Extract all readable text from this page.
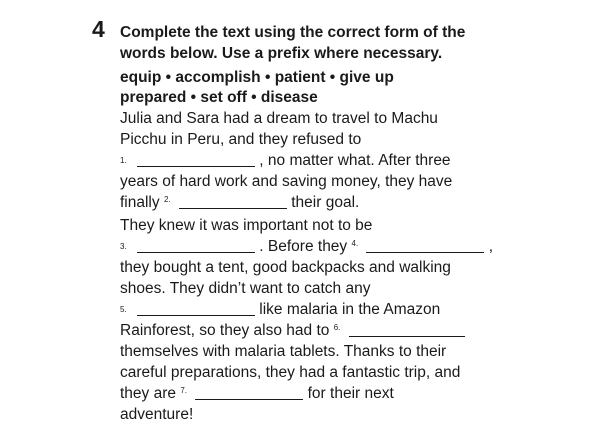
4 Complete the text using the correct form of the
words below. Use a prefix where necessary.
equip • accomplish • patient • give up
prepared • set off • disease
Julia and Sara had a dream to travel to Machu
Picchu in Peru, and they refused to
$^{1.}$	, no matter what. After three
years of hard work and saving money, they have
finally $^{2.}$	their goal.
They knew it was important not to be
$^{3.}$	. Before they $^{4.}$	,
they bought a tent, good backpacks and walking
shoes. They didn’t want to catch any
$^{5.}$	like malaria in the Amazon
Rainforest, so they also had to $^{6.}$
themselves with malaria tablets. Thanks to their
careful preparations, they had a fantastic trip, and
they are $^{7.}$	for their next
adventure!
